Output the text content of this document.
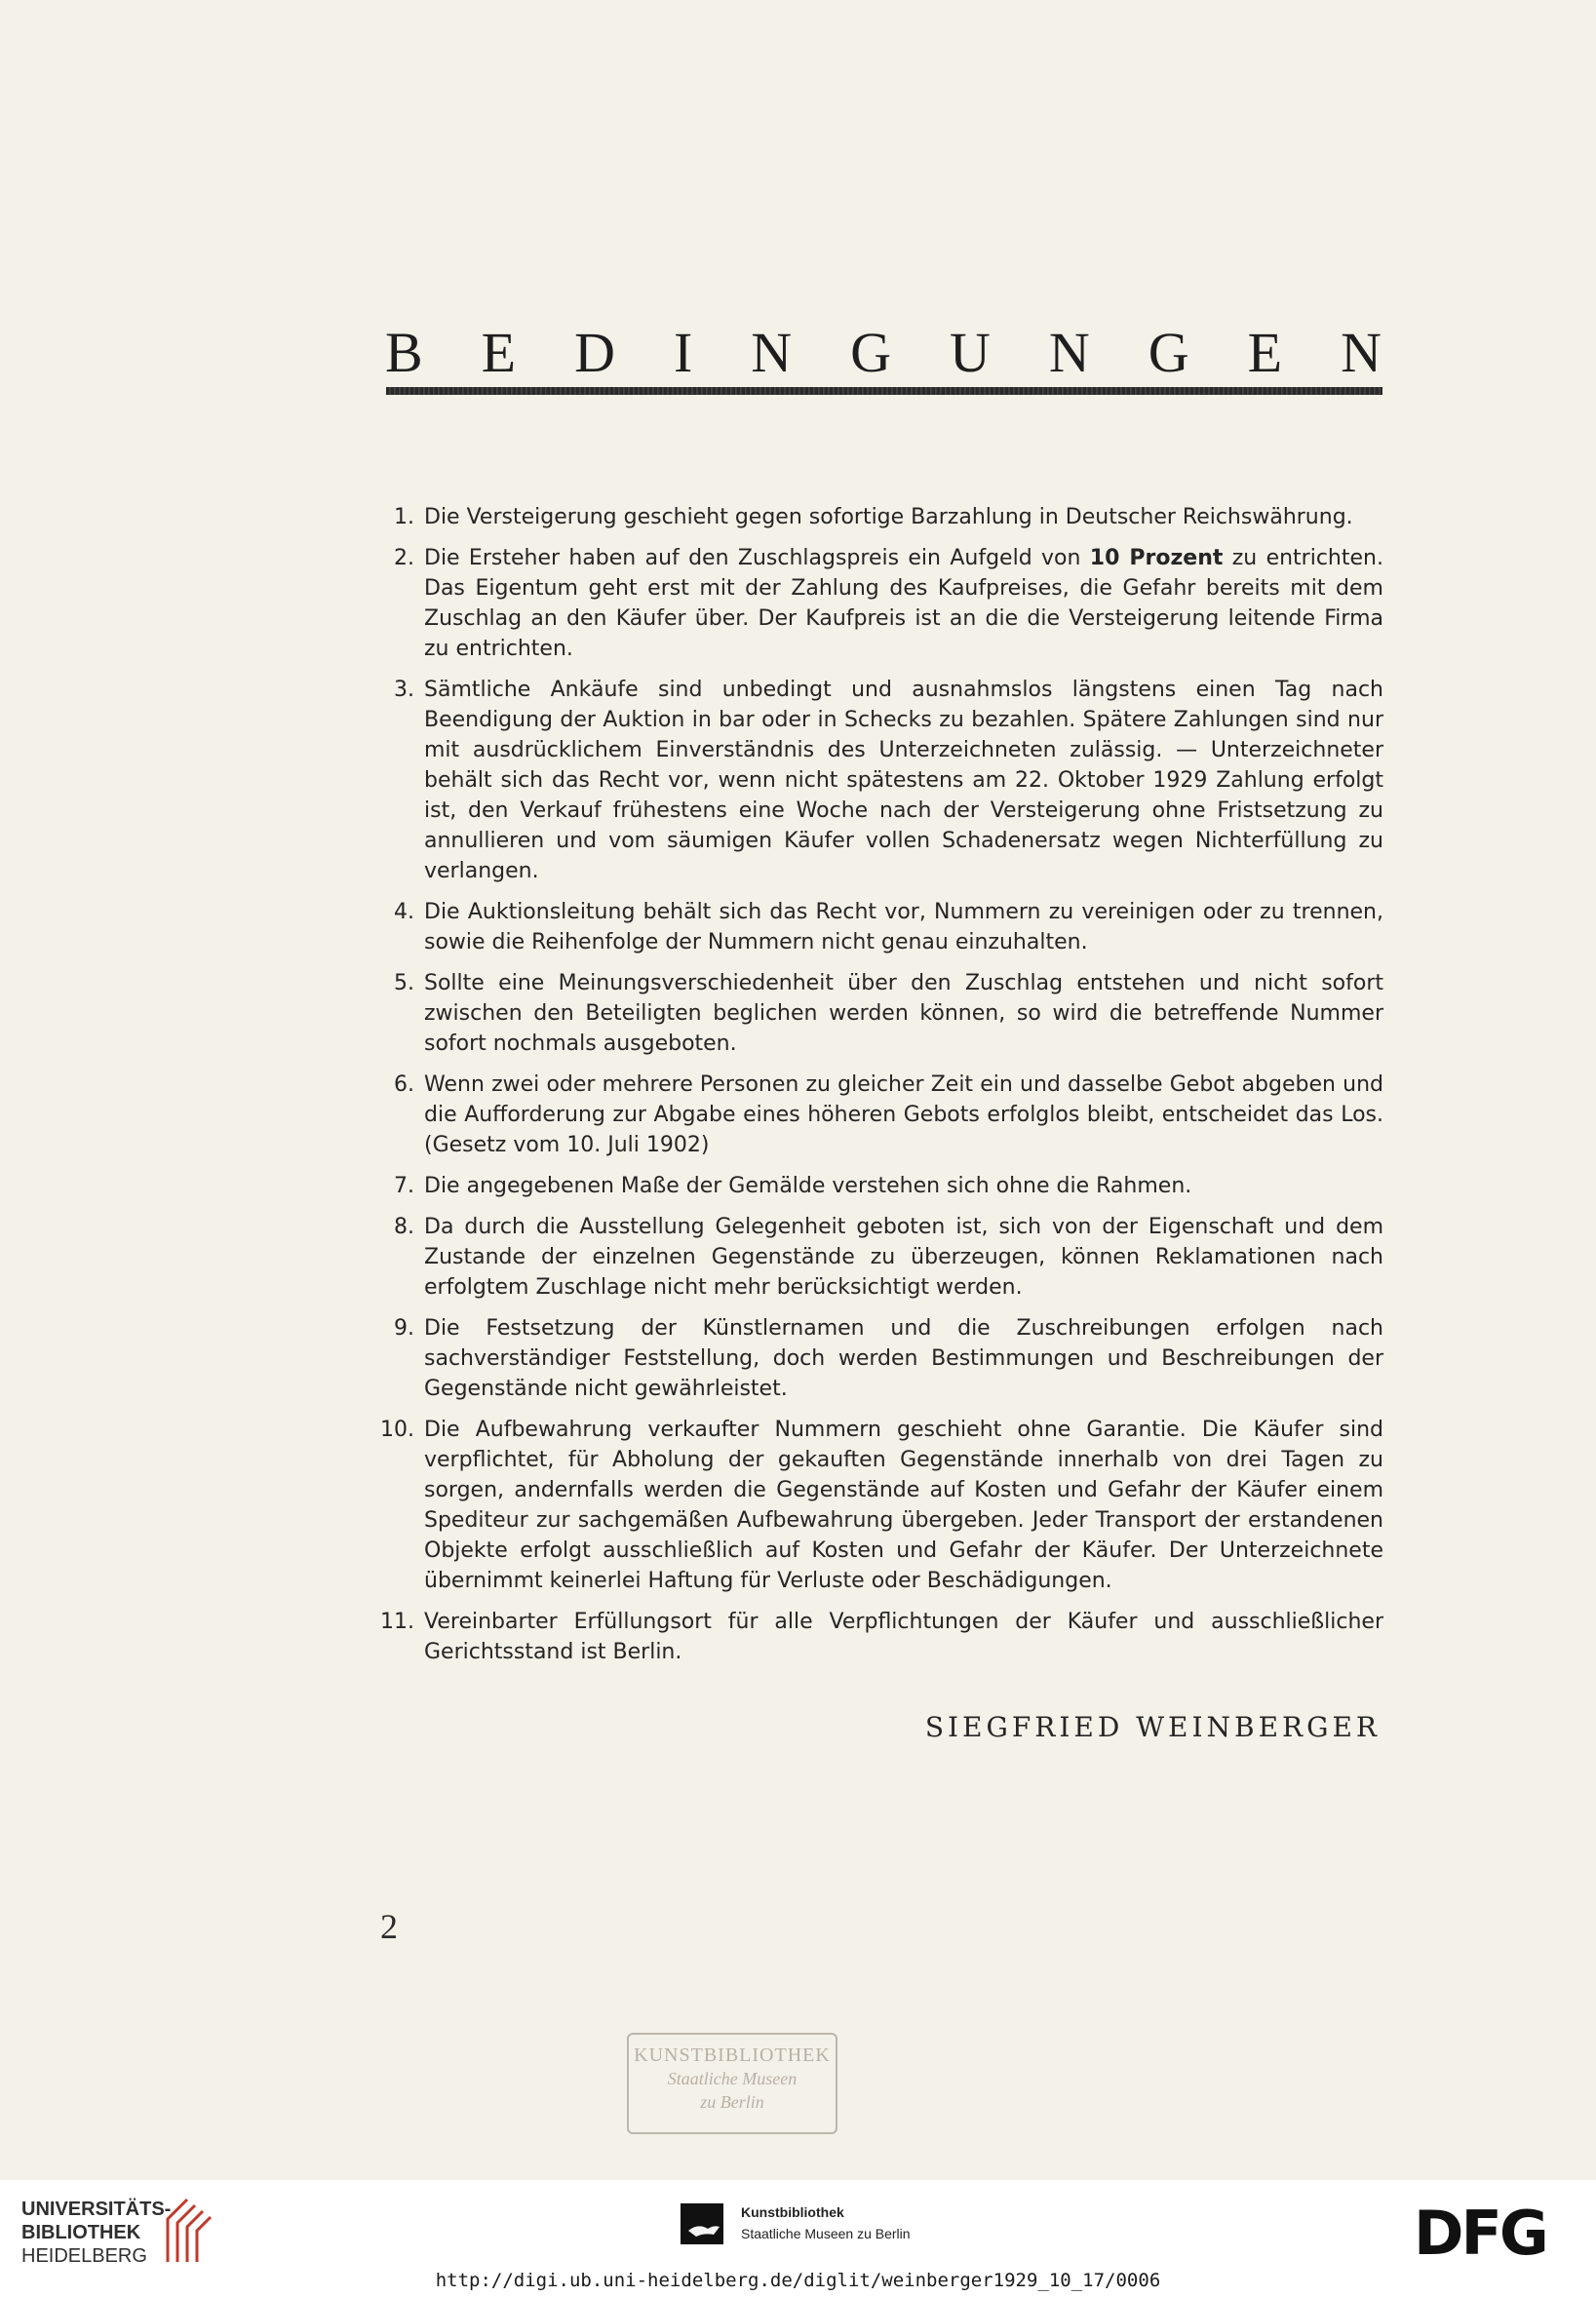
B E D I N G U N G E N
1. Die Versteigerung geschieht gegen sofortige Barzahlung in Deutscher Reichswährung.
2. Die Ersteher haben auf den Zuschlagspreis ein Aufgeld von 10 Prozent zu entrichten. Das Eigentum geht erst mit der Zahlung des Kaufpreises, die Gefahr bereits mit dem Zuschlag an den Käufer über. Der Kaufpreis ist an die die Versteigerung leitende Firma zu entrichten.
3. Sämtliche Ankäufe sind unbedingt und ausnahmslos längstens einen Tag nach Beendigung der Auktion in bar oder in Schecks zu bezahlen. Spätere Zahlungen sind nur mit ausdrücklichem Einverständnis des Unterzeichneten zulässig. — Unterzeichneter behält sich das Recht vor, wenn nicht spätestens am 22. Oktober 1929 Zahlung erfolgt ist, den Verkauf frühestens eine Woche nach der Versteigerung ohne Fristsetzung zu annullieren und vom säumigen Käufer vollen Schadenersatz wegen Nichterfüllung zu verlangen.
4. Die Auktionsleitung behält sich das Recht vor, Nummern zu vereinigen oder zu trennen, sowie die Reihenfolge der Nummern nicht genau einzuhalten.
5. Sollte eine Meinungsverschiedenheit über den Zuschlag entstehen und nicht sofort zwischen den Beteiligten beglichen werden können, so wird die betreffende Nummer sofort nochmals ausgeboten.
6. Wenn zwei oder mehrere Personen zu gleicher Zeit ein und dasselbe Gebot abgeben und die Aufforderung zur Abgabe eines höheren Gebots erfolglos bleibt, entscheidet das Los. (Gesetz vom 10. Juli 1902)
7. Die angegebenen Maße der Gemälde verstehen sich ohne die Rahmen.
8. Da durch die Ausstellung Gelegenheit geboten ist, sich von der Eigenschaft und dem Zustande der einzelnen Gegenstände zu überzeugen, können Reklamationen nach erfolgtem Zuschlage nicht mehr berücksichtigt werden.
9. Die Festsetzung der Künstlernamen und die Zuschreibungen erfolgen nach sachverständiger Feststellung, doch werden Bestimmungen und Beschreibungen der Gegenstände nicht gewährleistet.
10. Die Aufbewahrung verkaufter Nummern geschieht ohne Garantie. Die Käufer sind verpflichtet, für Abholung der gekauften Gegenstände innerhalb von drei Tagen zu sorgen, andernfalls werden die Gegenstände auf Kosten und Gefahr der Käufer einem Spediteur zur sachgemäßen Aufbewahrung übergeben. Jeder Transport der erstandenen Objekte erfolgt ausschließlich auf Kosten und Gefahr der Käufer. Der Unterzeichnete übernimmt keinerlei Haftung für Verluste oder Beschädigungen.
11. Vereinbarter Erfüllungsort für alle Verpflichtungen der Käufer und ausschließlicher Gerichtsstand ist Berlin.
SIEGFRIED WEINBERGER
2
KUNSTBIBLIOTHEK
Staatliche Museen
zu Berlin
UNIVERSITÄTS-
BIBLIOTHEK
HEIDELBERG
Kunstbibliothek
Staatliche Museen zu Berlin	DFG
http://digi.ub.uni-heidelberg.de/diglit/weinberger1929_10_17/0006
